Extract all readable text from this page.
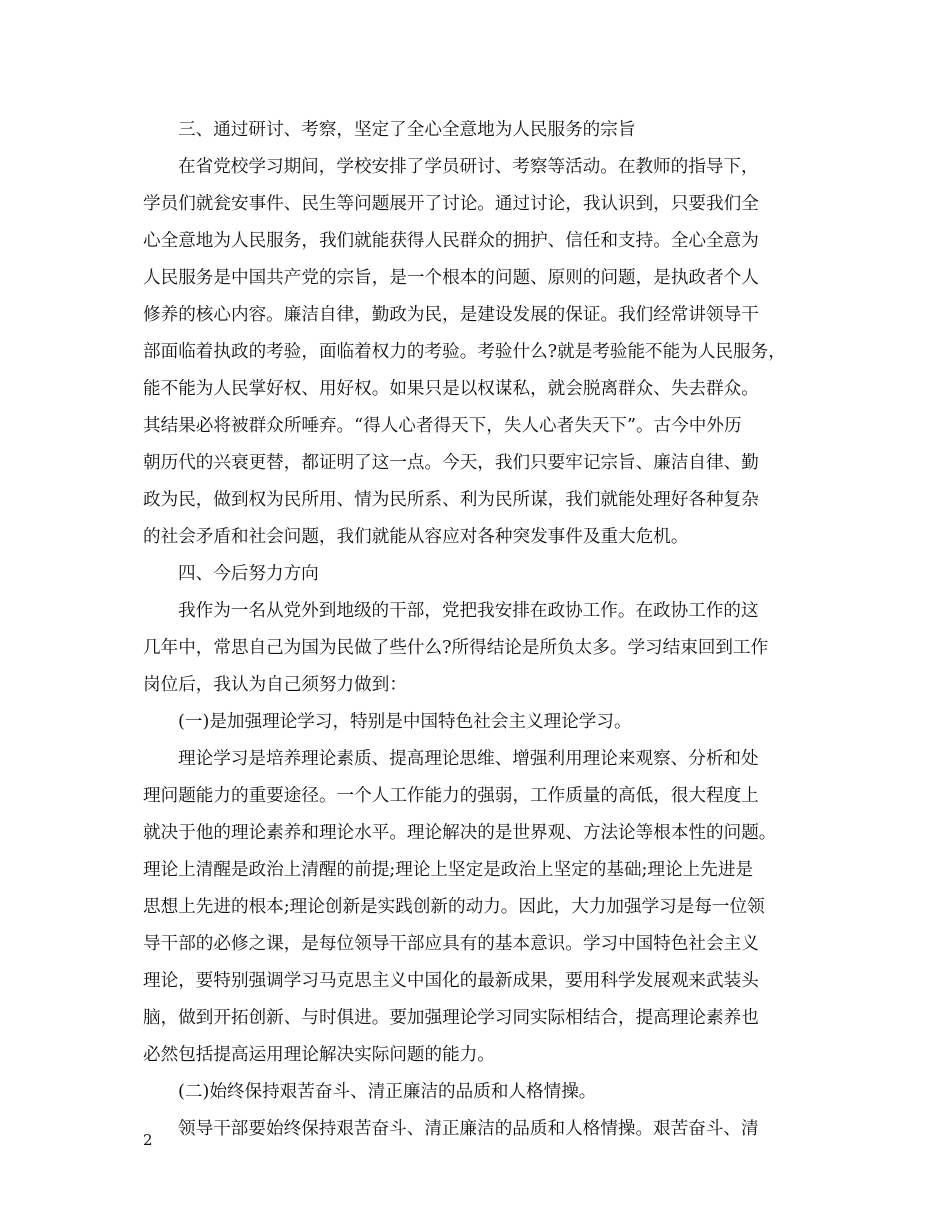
三、通过研讨、考察，坚定了全心全意地为人民服务的宗旨
在省党校学习期间，学校安排了学员研讨、考察等活动。在教师的指导下，
学员们就瓮安事件、民生等问题展开了讨论。通过讨论，我认识到，只要我们全
心全意地为人民服务，我们就能获得人民群众的拥护、信任和支持。全心全意为
人民服务是中国共产党的宗旨，是一个根本的问题、原则的问题，是执政者个人
修养的核心内容。廉洁自律，勤政为民，是建设发展的保证。我们经常讲领导干
部面临着执政的考验，面临着权力的考验。考验什么?就是考验能不能为人民服务，
能不能为人民掌好权、用好权。如果只是以权谋私，就会脱离群众、失去群众。
其结果必将被群众所唾弃。“得人心者得天下，失人心者失天下”。古今中外历
朝历代的兴衰更替，都证明了这一点。今天，我们只要牢记宗旨、廉洁自律、勤
政为民，做到权为民所用、情为民所系、利为民所谋，我们就能处理好各种复杂
的社会矛盾和社会问题，我们就能从容应对各种突发事件及重大危机。
四、今后努力方向
我作为一名从党外到地级的干部，党把我安排在政协工作。在政协工作的这
几年中，常思自己为国为民做了些什么?所得结论是所负太多。学习结束回到工作
岗位后，我认为自己须努力做到：
(一)是加强理论学习，特别是中国特色社会主义理论学习。
理论学习是培养理论素质、提高理论思维、增强利用理论来观察、分析和处
理问题能力的重要途径。一个人工作能力的强弱，工作质量的高低，很大程度上
就决于他的理论素养和理论水平。理论解决的是世界观、方法论等根本性的问题。
理论上清醒是政治上清醒的前提;理论上坚定是政治上坚定的基础;理论上先进是
思想上先进的根本;理论创新是实践创新的动力。因此，大力加强学习是每一位领
导干部的必修之课，是每位领导干部应具有的基本意识。学习中国特色社会主义
理论，要特别强调学习马克思主义中国化的最新成果，要用科学发展观来武装头
脑，做到开拓创新、与时俱进。要加强理论学习同实际相结合，提高理论素养也
必然包括提高运用理论解决实际问题的能力。
(二)始终保持艰苦奋斗、清正廉洁的品质和人格情操。
领导干部要始终保持艰苦奋斗、清正廉洁的品质和人格情操。艰苦奋斗、清
2
